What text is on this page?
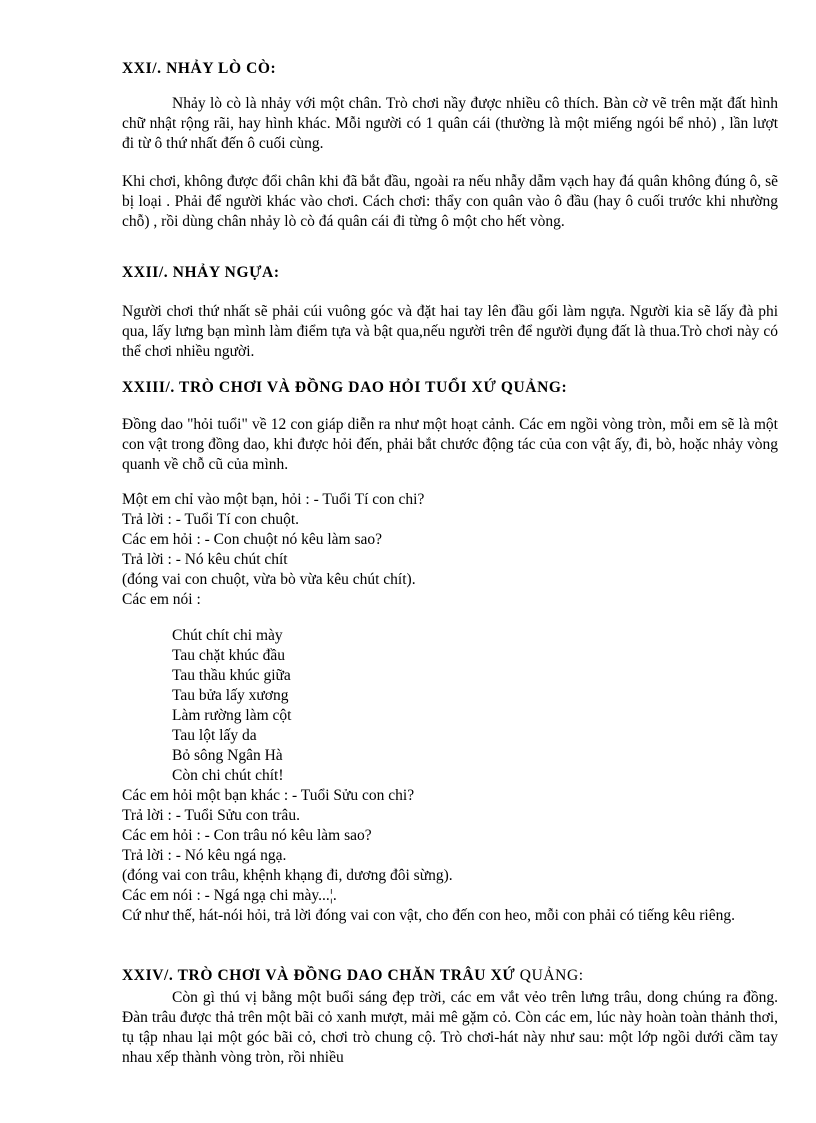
XXI/. NHẢY LÒ CÒ:

Nhảy lò cò là nhảy với một chân. Trò chơi nầy được nhiều cô thích. Bàn cờ vẽ trên mặt đất hình chữ nhật rộng rãi, hay hình khác. Mỗi người có 1 quân cái (thường là một miếng ngói bể nhỏ) , lần lượt đi từ ô thứ nhất đến ô cuối cùng.

Khi chơi, không được đổi chân khi đã bắt đầu, ngoài ra nếu nhẫy dẫm vạch hay đá quân không đúng ô, sẽ bị loại . Phải để người khác vào chơi. Cách chơi: thẩy con quân vào ô đầu (hay ô cuối trước khi nhường chỗ) , rồi dùng chân nhảy lò cò đá quân cái đi từng ô một cho hết vòng.

XXII/. NHẢY NGỰA:

Người chơi thứ nhất sẽ phải cúi vuông góc và đặt hai tay lên đầu gối làm ngựa. Người kia sẽ lấy đà phi qua, lấy lưng bạn mình làm điểm tựa và bật qua,nếu người trên để người đụng đất là thua.Trò chơi này có thể chơi nhiều người.

XXIII/. TRÒ CHƠI VÀ ĐỒNG DAO HỎI TUỔI XỨ QUẢNG:

Đồng dao "hỏi tuổi" về 12 con giáp diễn ra như một hoạt cảnh. Các em ngồi vòng tròn, mỗi em sẽ là một con vật trong đồng dao, khi được hỏi đến, phải bắt chước động tác của con vật ấy, đi, bò, hoặc nhảy vòng quanh về chỗ cũ của mình.

Một em chỉ vào một bạn, hỏi : - Tuổi Tí con chi?
Trả lời : - Tuổi Tí con chuột.
Các em hỏi : - Con chuột nó kêu làm sao?
Trả lời : - Nó kêu chút chít
(đóng vai con chuột, vừa bò vừa kêu chút chít).
Các em nói :
Chút chít chi mày
Tau chặt khúc đầu
Tau thầu khúc giữa
Tau bửa lấy xương
Làm rường làm cột
Tau lột lấy da
Bỏ sông Ngân Hà
Còn chi chút chít!
Các em hỏi một bạn khác : - Tuổi Sửu con chi?
Trả lời : - Tuổi Sửu con trâu.
Các em hỏi : - Con trâu nó kêu làm sao?
Trả lời : - Nó kêu ngá ngạ.
(đóng vai con trâu, khệnh khạng đi, dương đôi sừng).
Các em nói : - Ngá ngạ chi mày...¦.

Cứ như thế, hát-nói hỏi, trả lời đóng vai con vật, cho đến con heo, mỗi con phải có tiếng kêu riêng.

XXIV/. TRÒ CHƠI VÀ ĐỒNG DAO CHĂN TRÂU XỨ QUẢNG:

Còn gì thú vị bằng một buổi sáng đẹp trời, các em vắt vẻo trên lưng trâu, dong chúng ra đồng. Đàn trâu được thả trên một bãi cỏ xanh mượt, mải mê gặm cỏ. Còn các em, lúc này hoàn toàn thảnh thơi, tụ tập nhau lại một góc bãi cỏ, chơi trò chung cộ. Trò chơi-hát này như sau: một lớp ngồi dưới cầm tay nhau xếp thành vòng tròn, rồi nhiều
